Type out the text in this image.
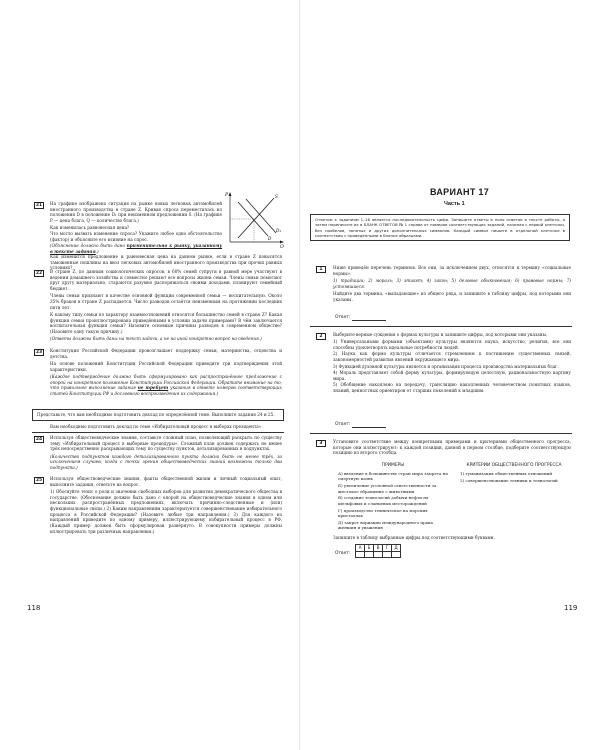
21	На графике изображена ситуация на рынке новых легковых автомобилей иностранного производства в стране Z. Кривая спроса переместилась из положения D в положение D₁ при неизменном предложении S. (На графике P — цена блага, Q — количество блага.)

Как изменилась равновесная цена?

Что могло вызвать изменение спроса? Укажите любое одно обстоятельство (фактор) и объясните его влияние на спрос.

(Объяснение должно быть дано применительно к рынку, указанному в тексте задания.)

Как изменится предложение и равновесная цена на данном рынке, если в стране Z повысятся таможенные пошлины на ввоз легковых автомобилей иностранного производства при прочих равных условиях?
P
Q
S
D
D₁
22	В стране Z, по данным социологических опросов, в 60% семей супруги в равной мере участвуют в ведении домашнего хозяйства и совместно решают все вопросы жизни семьи. Члены семьи помогают друг другу материально, стараются разумно распоряжаться своими доходами, планируют семейный бюджет.

Члены семьи признают в качестве основной функции современной семьи — воспитательную. Около 35% браков в стране Z распадается. Число разводов остаётся неизменным на протяжении последних пяти лет.

К какому типу семьи по характеру взаимоотношений относится большинство семей в стране Z? Какая функция семьи проиллюстрирована приведёнными в условии задачи примерами? В чём заключается воспитательная функция семьи? Назовите основные причины разводов в современном обществе? (Назовите одну такую причину.)

(Ответы должны быть даны на текст задачи, а не на иной конкретно вопрос на сведения.)

23	Конституция Российской Федерации провозглашает поддержку семьи, материнства, отцовства и детства.

На основе положений Конституции Российской Федерации приведите три подтверждения этой характеристики.

(Каждое подтверждение должно быть сформулировано как распространённое предложение с опорой на конкретное положение Конституции Российской Федерации. Обратите внимание на то, что правильное выполнение задания не требует указания в ответе номеров соответствующих статей Конституции РФ и дословного воспроизведения их содержания.)

Представьте, что вам необходимо подготовить доклад по определённой теме. Выполните задания 24 и 25.
Вам необходимо подготовить доклад по теме «Избирательный процесс в выборах президента».
24	Используя обществоведческие знания, составьте сложный план, позволяющий раскрыть по существу тему «Избирательный процесс в выборные процедуры». Сложный план должен содержать не менее трёх непосредственно раскрывающих тему по существу пунктов, детализированных в подпунктах.

(Количество подпунктов каждого детализированного пункта должно быть не менее трёх, за исключением случаев, когда с точки зрения обществоведческих знаний возможны только два подпункта.)

25	Используя обществоведческие знания, факты общественной жизни и личный социальный опыт, выполните задания, ответьте на вопрос.

1) Обоснуйте тезис о роли и значении свободных выборов для развития демократического общества в государстве. (Обоснование должно быть дано с опорой на обществоведческие знания в одном или нескольких распространённых предложениях, включать причинно-следственные и (или) функциональные связи.) 2) Каким направлениям характеризуется совершенствование избирательного процесса в Российской Федерации? (Назовите любые три направления.) 3) Для каждого из направлений приведите по одному примеру, иллюстрирующему избирательный процесс в РФ. (Каждый пример должен быть сформулирован развёрнуто. В совокупности примеры должны иллюстрировать три различных направления.)

118
ВАРИАНТ 17
Часть 1
Ответом к заданиям 1–16 является последовательность цифр. Запишите ответы в поля ответов в тексте работы, а затем перенесите их в БЛАНК ОТВЕТОВ № 1 справа от номеров соответствующих заданий, начиная с первой клеточки, без пробелов, запятых и других дополнительных символов. Каждый символ пишите в отдельной клеточке в соответствии с приведёнными в бланке образцами.
1	Ниже приведён перечень терминов. Все они, за исключением двух, относятся к термину «социальные нормы».

1) традиции; 2) мораль; 3) этикет; 4) закон; 5) деловые обыкновения; 6) правовые нормы; 7) устоявшиеся.

Найдите два термина, «выпадающие» из общего ряда, и запишите в таблицу цифры, под которыми они указаны.

Ответ:
2	Выберите верные суждения о формах культуры и запишите цифры, под которыми они указаны.

1) Универсальными формами (объектами) культуры являются наука, искусство, религия, все они способны удовлетворять идеальные потребности людей.

2) Наука как форма культуры отличается стремлением к постижению существенных связей, закономерностей развития явлений окружающего мира.

3) Функцией духовной культуры является и организация процесса производства материальных благ.

4) Мораль представляет собой форму культуры, формирующую целостную, рациональностную картину мира.

5) Обобщение накоплено на передачу, трансляцию накопленных человечеством понятных языков, знаний, ценностных ориентиров от старших поколений к младшим.

Ответ:
3	Установите соответствие между конкретными примерами и критериями общественного прогресса, которые они иллюстрируют: к каждой позиции, данной в первом столбце, подберите соответствующую позицию из второго столбца.
ПРИМЕРЫ

А) введение в большинстве стран мира запрета на смертную казнь

Б) увеличение уголовной ответственности за жестокое обращение с животными

В) создание технологий добычи нефти на шельфовых и сланцевых месторождений

Г) производство техническое на морских кристаллах

Д) запрет вариации международного права женщин и уважения

КРИТЕРИИ ОБЩЕСТВЕННОГО ПРОГРЕССА

1) гуманизация общественных отношений

2) совершенствование техники и технологий

Запишите в таблицу выбранные цифры под соответствующими буквами.
Ответ:
А	Б	В	Г	Д

119
